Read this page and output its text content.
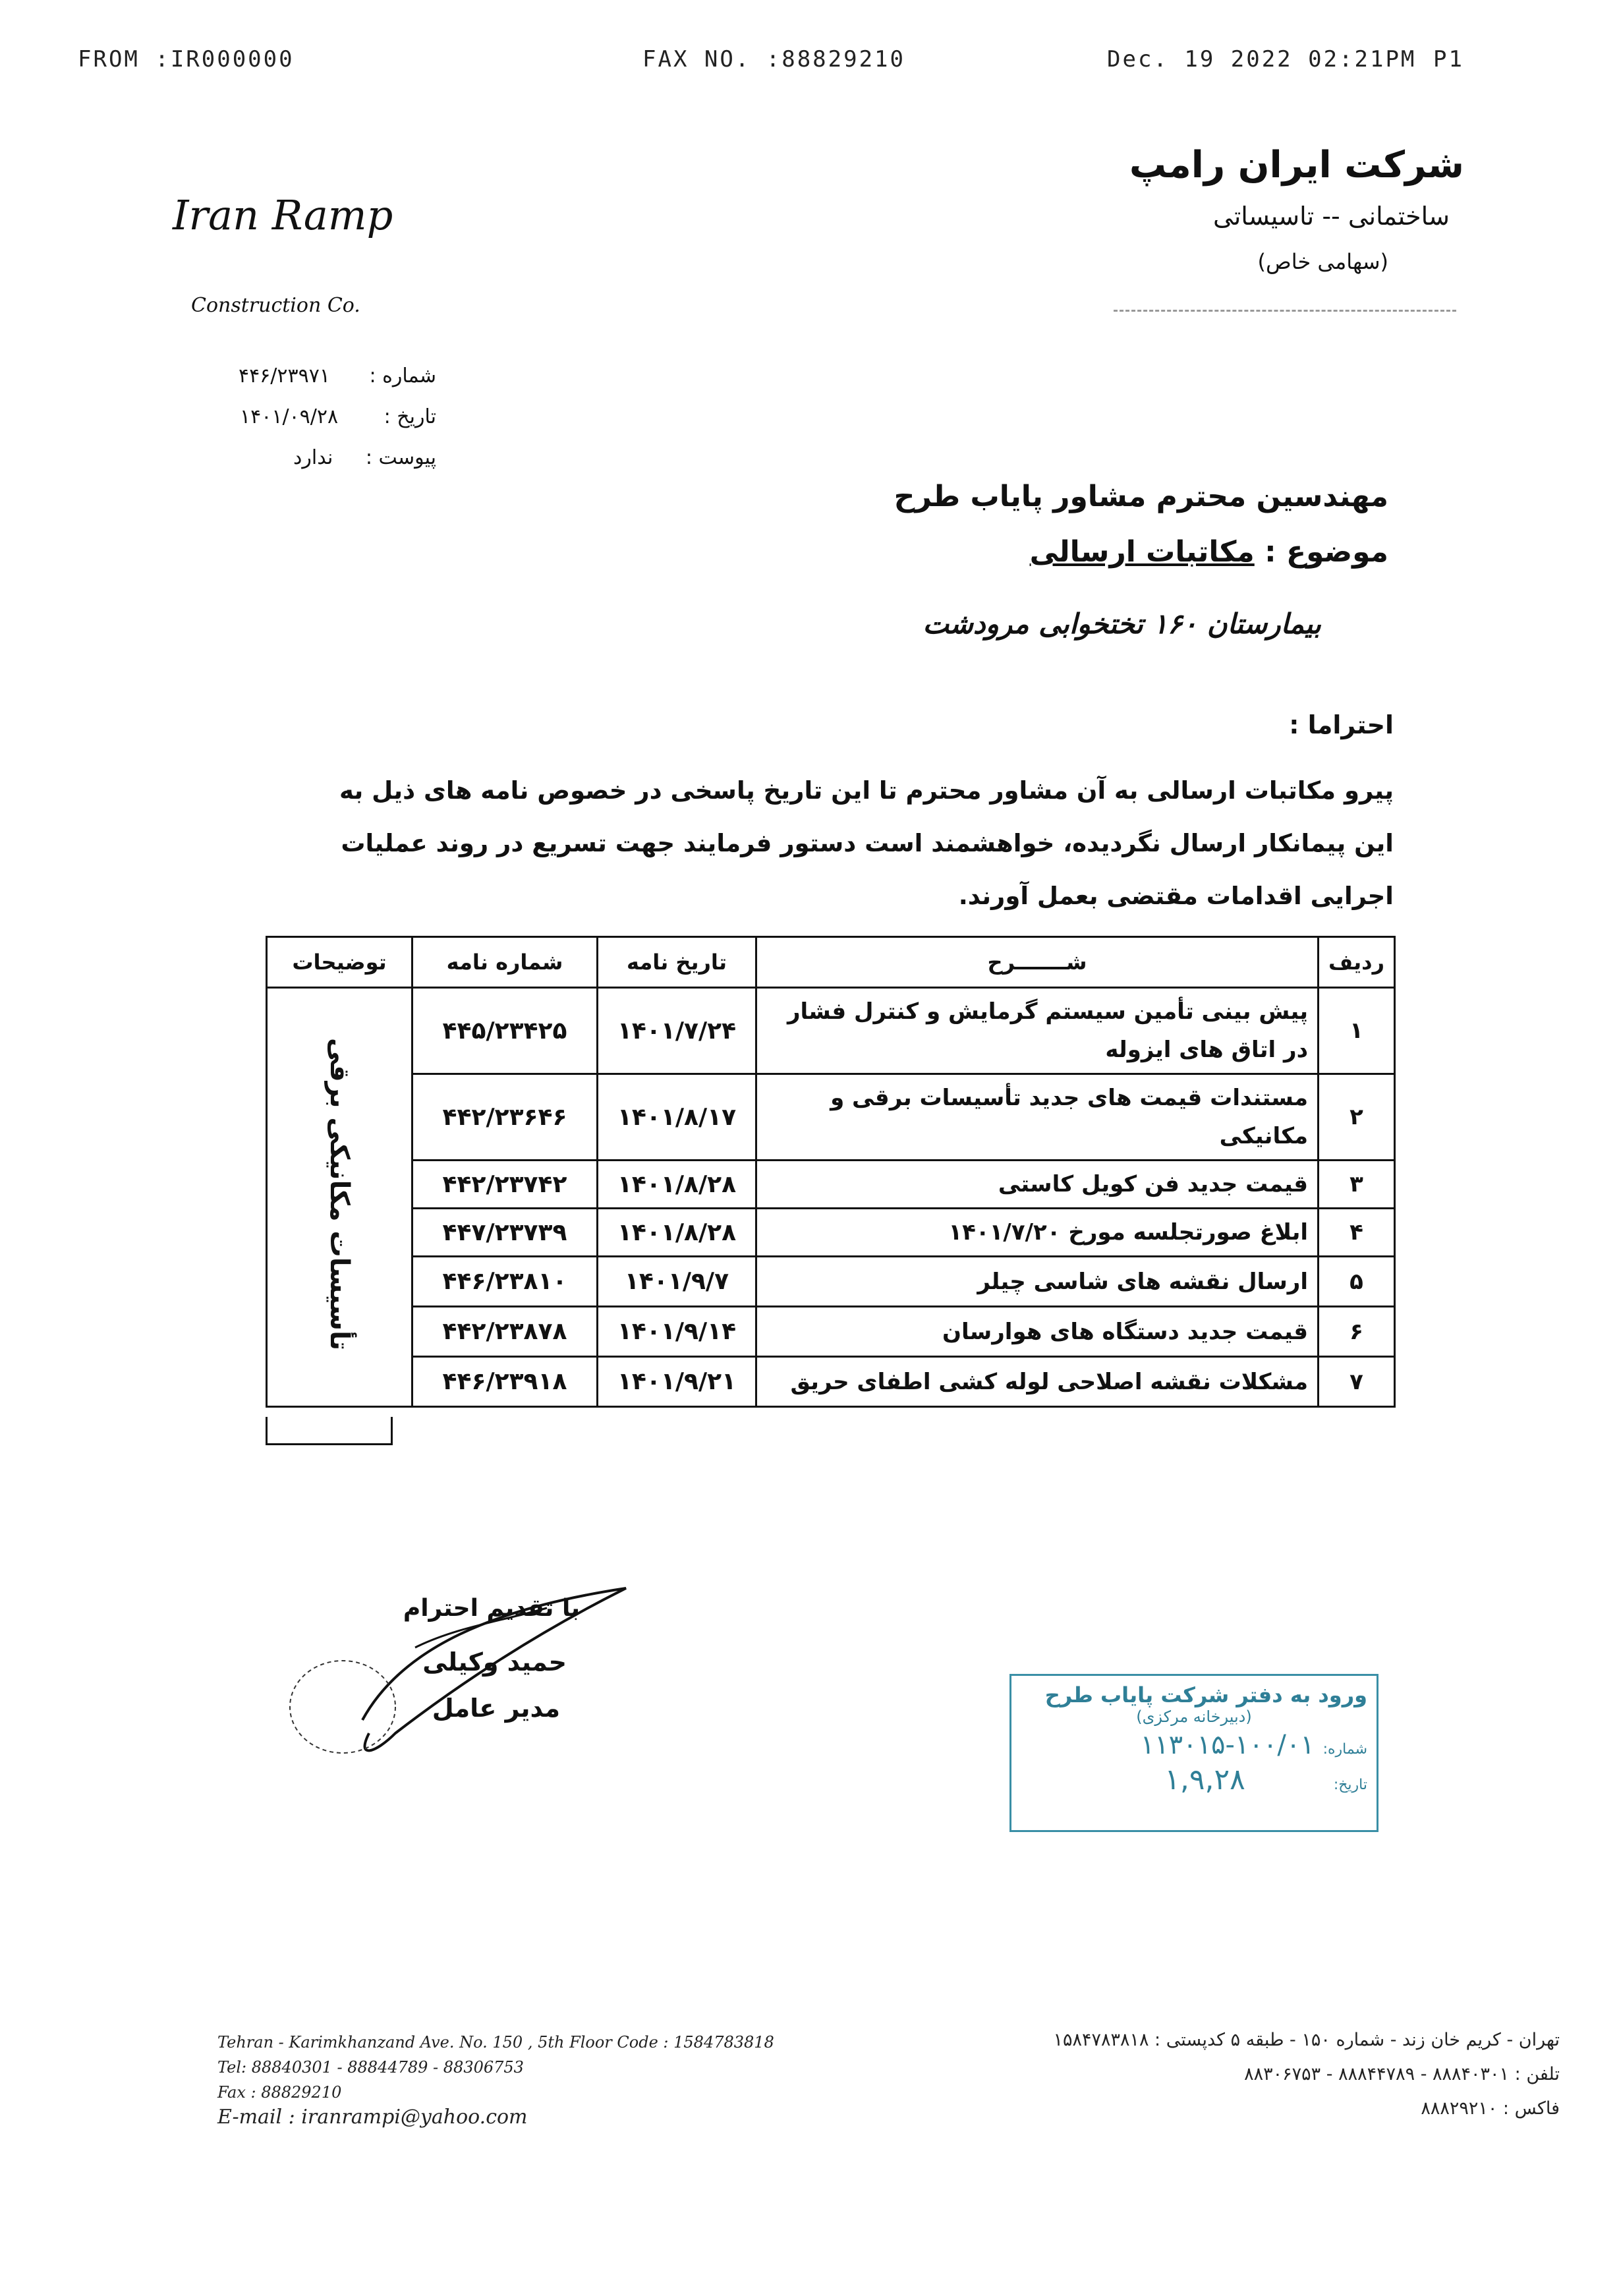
FROM :IR000000	FAX NO. :88829210	Dec. 19 2022 02:21PM P1
شرکت ایران رامپ
ساختمانی -- تاسیساتی
(سهامی خاص)
Iran Ramp
Construction Co.
شماره : ۴۴۶/۲۳۹۷۱
تاریخ : ۱۴۰۱/۰۹/۲۸
پیوست : ندارد
مهندسین محترم مشاور پایاب طرح
موضوع : مکاتبات ارسالی
بیمارستان ۱۶۰ تختخوابی مرودشت
احتراما :
پیرو مکاتبات ارسالی به آن مشاور محترم تا این تاریخ پاسخی در خصوص نامه های ذیل به
این پیمانکار ارسال نگردیده، خواهشمند است دستور فرمایند جهت تسریع در روند عملیات
اجرایی اقدامات مقتضی بعمل آورند.
ردیف	شـــــــرح	تاریخ نامه	شماره نامه	توضیحات
۱	پیش بینی تأمین سیستم گرمایش و کنترل فشار در اتاق های ایزوله	۱۴۰۱/۷/۲۴	۴۴۵/۲۳۴۲۵	تأسیسات مکانیکی برقی
۲	مستندات قیمت های جدید تأسیسات برقی و مکانیکی	۱۴۰۱/۸/۱۷	۴۴۲/۲۳۶۴۶	
۳	قیمت جدید فن کویل کاستی	۱۴۰۱/۸/۲۸	۴۴۲/۲۳۷۴۲	
۴	ابلاغ صورتجلسه مورخ ۱۴۰۱/۷/۲۰	۱۴۰۱/۸/۲۸	۴۴۷/۲۳۷۳۹	
۵	ارسال نقشه های شاسی چیلر	۱۴۰۱/۹/۷	۴۴۶/۲۳۸۱۰	
۶	قیمت جدید دستگاه های هوارسان	۱۴۰۱/۹/۱۴	۴۴۲/۲۳۸۷۸	
۷	مشکلات نقشه اصلاحی لوله کشی اطفای حریق	۱۴۰۱/۹/۲۱	۴۴۶/۲۳۹۱۸	
با تقدیم احترام
حمید وکیلی
مدیر عامل	ورود به دفتر شرکت پایاب طرح
(دبیرخانه مرکزی)
شماره: ۱۰۰/۰۱-۱۱۳۰۱۵
تاریخ: ۱,۹,۲۸
Tehran - Karimkhanzand Ave. No. 150 , 5th Floor Code : 1584783818
Tel: 88840301 - 88844789 - 88306753
Fax : 88829210
E-mail : iranrampi@yahoo.com
تهران - کریم خان زند - شماره ۱۵۰ - طبقه ۵ کدپستی : ۱۵۸۴۷۸۳۸۱۸
تلفن : ۸۸۸۴۰۳۰۱ - ۸۸۸۴۴۷۸۹ - ۸۸۳۰۶۷۵۳
فاکس : ۸۸۸۲۹۲۱۰
